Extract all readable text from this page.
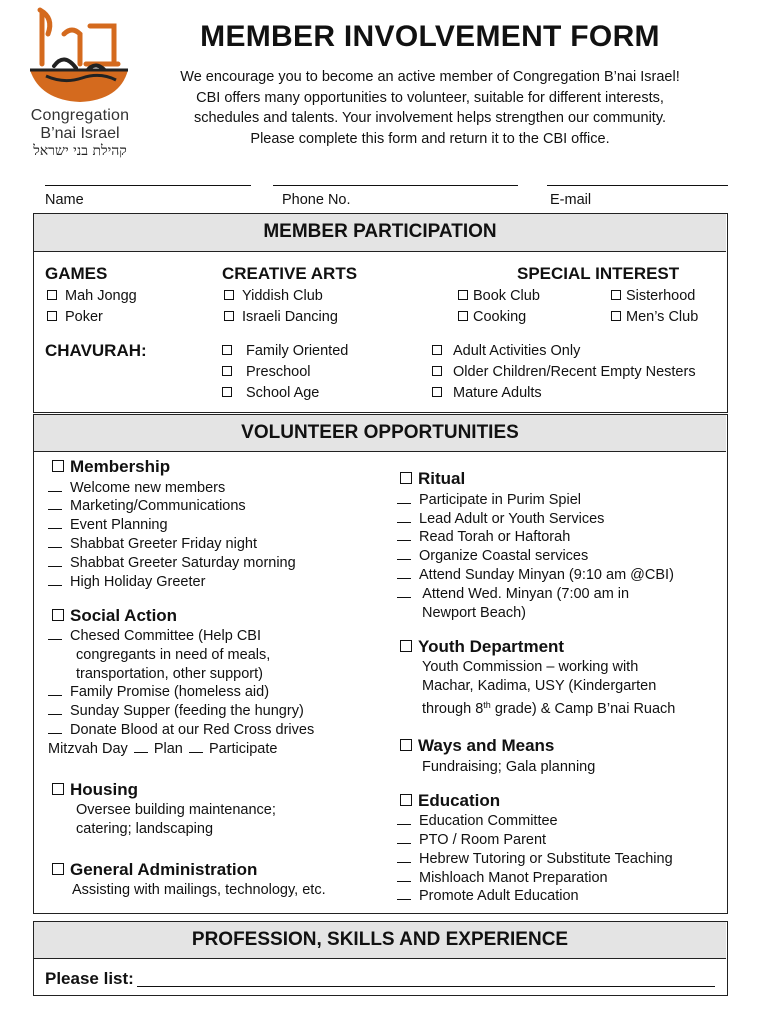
Congregation
B’nai Israel
קהילת בני ישראל
MEMBER INVOLVEMENT FORM
We encourage you to become an active member of Congregation B’nai Israel!
CBI offers many opportunities to volunteer, suitable for different interests,
schedules and talents. Your involvement helps strengthen our community.
Please complete this form and return it to the CBI office.
Name	Phone No.	E-mail
MEMBER PARTICIPATION
GAMES
Mah Jongg
Poker
CREATIVE ARTS
Yiddish Club
Israeli Dancing
SPECIAL INTEREST
Book Club
Cooking
Sisterhood
Men’s Club
CHAVURAH:	Family Oriented
Preschool
School Age
Adult Activities Only
Older Children/Recent Empty Nesters
Mature Adults
VOLUNTEER OPPORTUNITIES
Membership
Welcome new members
Marketing/Communications
Event Planning
Shabbat Greeter Friday night
Shabbat Greeter Saturday morning
High Holiday Greeter
Social Action
Chesed Committee (Help CBI
congregants in need of meals,
transportation, other support)
Family Promise (homeless aid)
Sunday Supper (feeding the hungry)
Donate Blood at our Red Cross drives
Mitzvah Day Plan Participate
Housing
Oversee building maintenance;
catering; landscaping
General Administration
Assisting with mailings, technology, etc.
Ritual
Participate in Purim Spiel
Lead Adult or Youth Services
Read Torah or Haftorah
Organize Coastal services
Attend Sunday Minyan (9:10 am @CBI)
Attend Wed. Minyan (7:00 am in
Newport Beach)
Youth Department
Youth Commission – working with
Machar, Kadima, USY (Kindergarten
through 8th grade) & Camp B’nai Ruach
Ways and Means
Fundraising; Gala planning
Education
Education Committee
PTO / Room Parent
Hebrew Tutoring or Substitute Teaching
Mishloach Manot Preparation
Promote Adult Education
PROFESSION, SKILLS AND EXPERIENCE
Please list:
